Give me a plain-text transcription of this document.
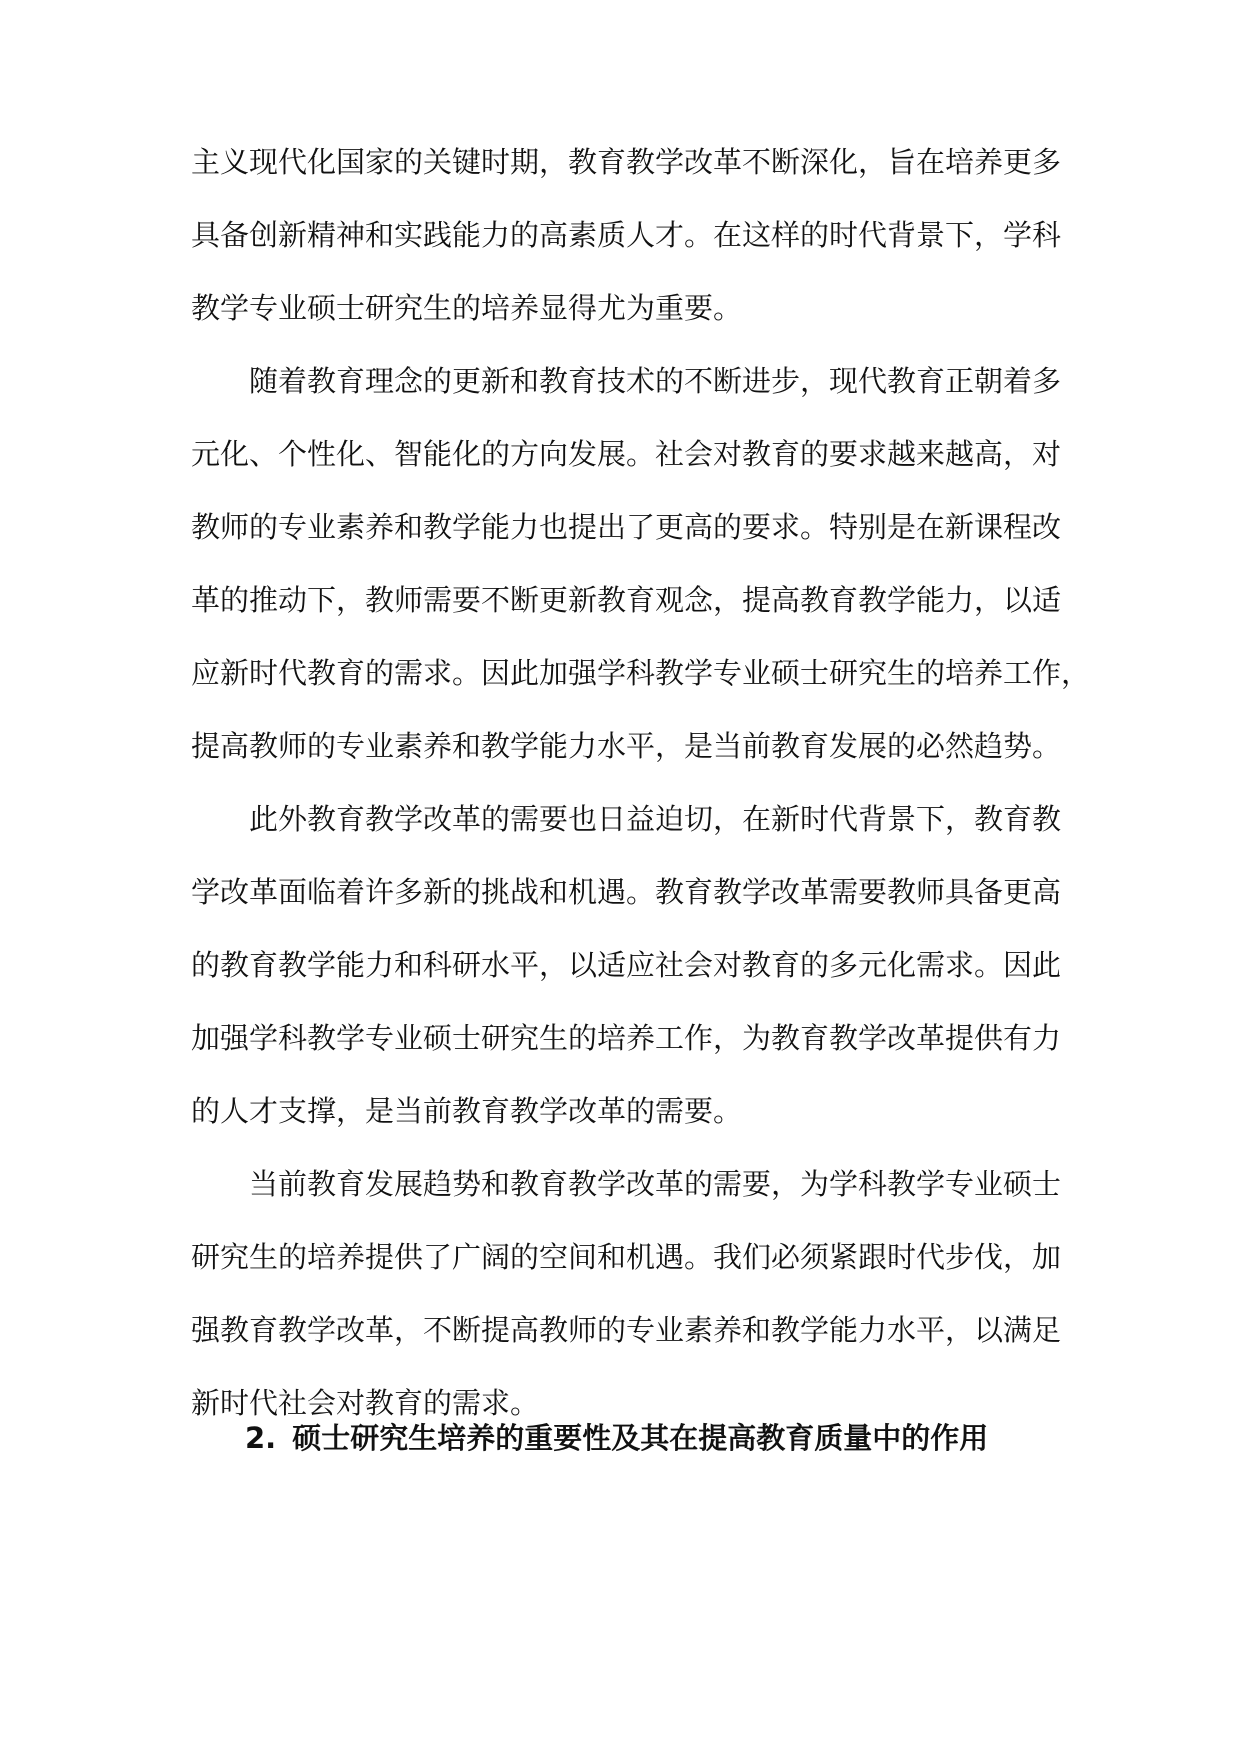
主义现代化国家的关键时期，教育教学改革不断深化，旨在培养更多
具备创新精神和实践能力的高素质人才。在这样的时代背景下，学科
教学专业硕士研究生的培养显得尤为重要。
随着教育理念的更新和教育技术的不断进步，现代教育正朝着多
元化、个性化、智能化的方向发展。社会对教育的要求越来越高，对
教师的专业素养和教学能力也提出了更高的要求。特别是在新课程改
革的推动下，教师需要不断更新教育观念，提高教育教学能力，以适
应新时代教育的需求。因此加强学科教学专业硕士研究生的培养工作，
提高教师的专业素养和教学能力水平，是当前教育发展的必然趋势。
此外教育教学改革的需要也日益迫切，在新时代背景下，教育教
学改革面临着许多新的挑战和机遇。教育教学改革需要教师具备更高
的教育教学能力和科研水平，以适应社会对教育的多元化需求。因此
加强学科教学专业硕士研究生的培养工作，为教育教学改革提供有力
的人才支撑，是当前教育教学改革的需要。
当前教育发展趋势和教育教学改革的需要，为学科教学专业硕士
研究生的培养提供了广阔的空间和机遇。我们必须紧跟时代步伐，加
强教育教学改革，不断提高教师的专业素养和教学能力水平，以满足
新时代社会对教育的需求。
2. 硕士研究生培养的重要性及其在提高教育质量中的作用
